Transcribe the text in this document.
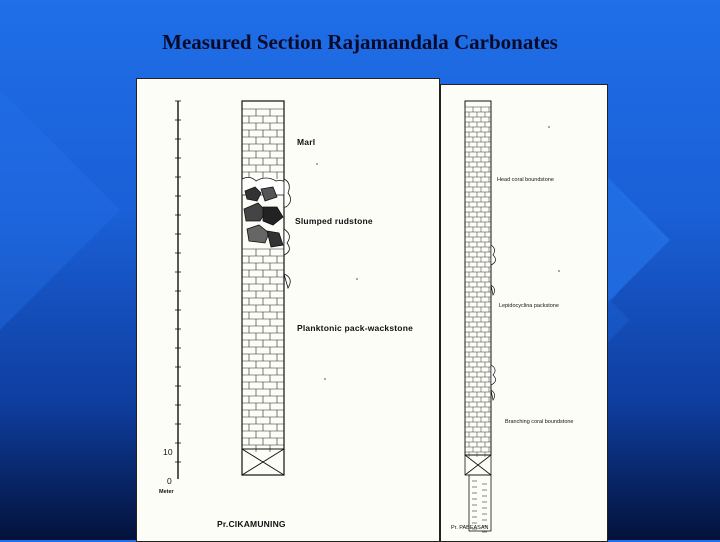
Measured Section Rajamandala Carbonates
Marl
Slumped rudstone
Planktonic pack-wackstone
10
0
Meter
Pr.CIKAMUNING
Head coral boundstone
Lepidocyclina packstone
Branching coral boundstone
Pr. PABEASAN
